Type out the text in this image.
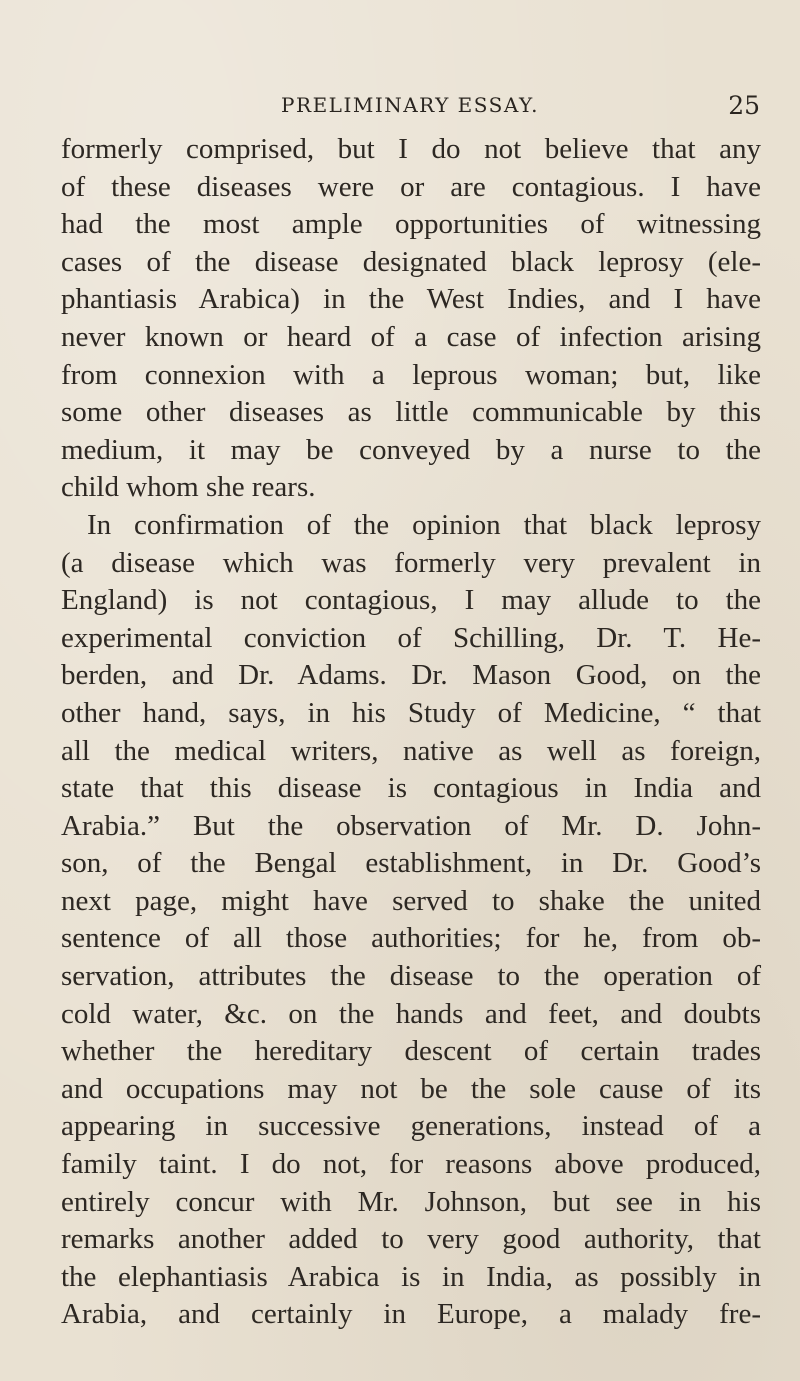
PRELIMINARY ESSAY.	25
formerly comprised, but I do not believe that any
of these diseases were or are contagious. I have
had the most ample opportunities of witnessing
cases of the disease designated black leprosy (ele-
phantiasis Arabica) in the West Indies, and I have
never known or heard of a case of infection arising
from connexion with a leprous woman; but, like
some other diseases as little communicable by this
medium, it may be conveyed by a nurse to the
child whom she rears.
In confirmation of the opinion that black leprosy
(a disease which was formerly very prevalent in
England) is not contagious, I may allude to the
experimental conviction of Schilling, Dr. T. He-
berden, and Dr. Adams. Dr. Mason Good, on the
other hand, says, in his Study of Medicine, “ that
all the medical writers, native as well as foreign,
state that this disease is contagious in India and
Arabia.” But the observation of Mr. D. John-
son, of the Bengal establishment, in Dr. Good’s
next page, might have served to shake the united
sentence of all those authorities; for he, from ob-
servation, attributes the disease to the operation of
cold water, &c. on the hands and feet, and doubts
whether the hereditary descent of certain trades
and occupations may not be the sole cause of its
appearing in successive generations, instead of a
family taint. I do not, for reasons above produced,
entirely concur with Mr. Johnson, but see in his
remarks another added to very good authority, that
the elephantiasis Arabica is in India, as possibly in
Arabia, and certainly in Europe, a malady fre-
